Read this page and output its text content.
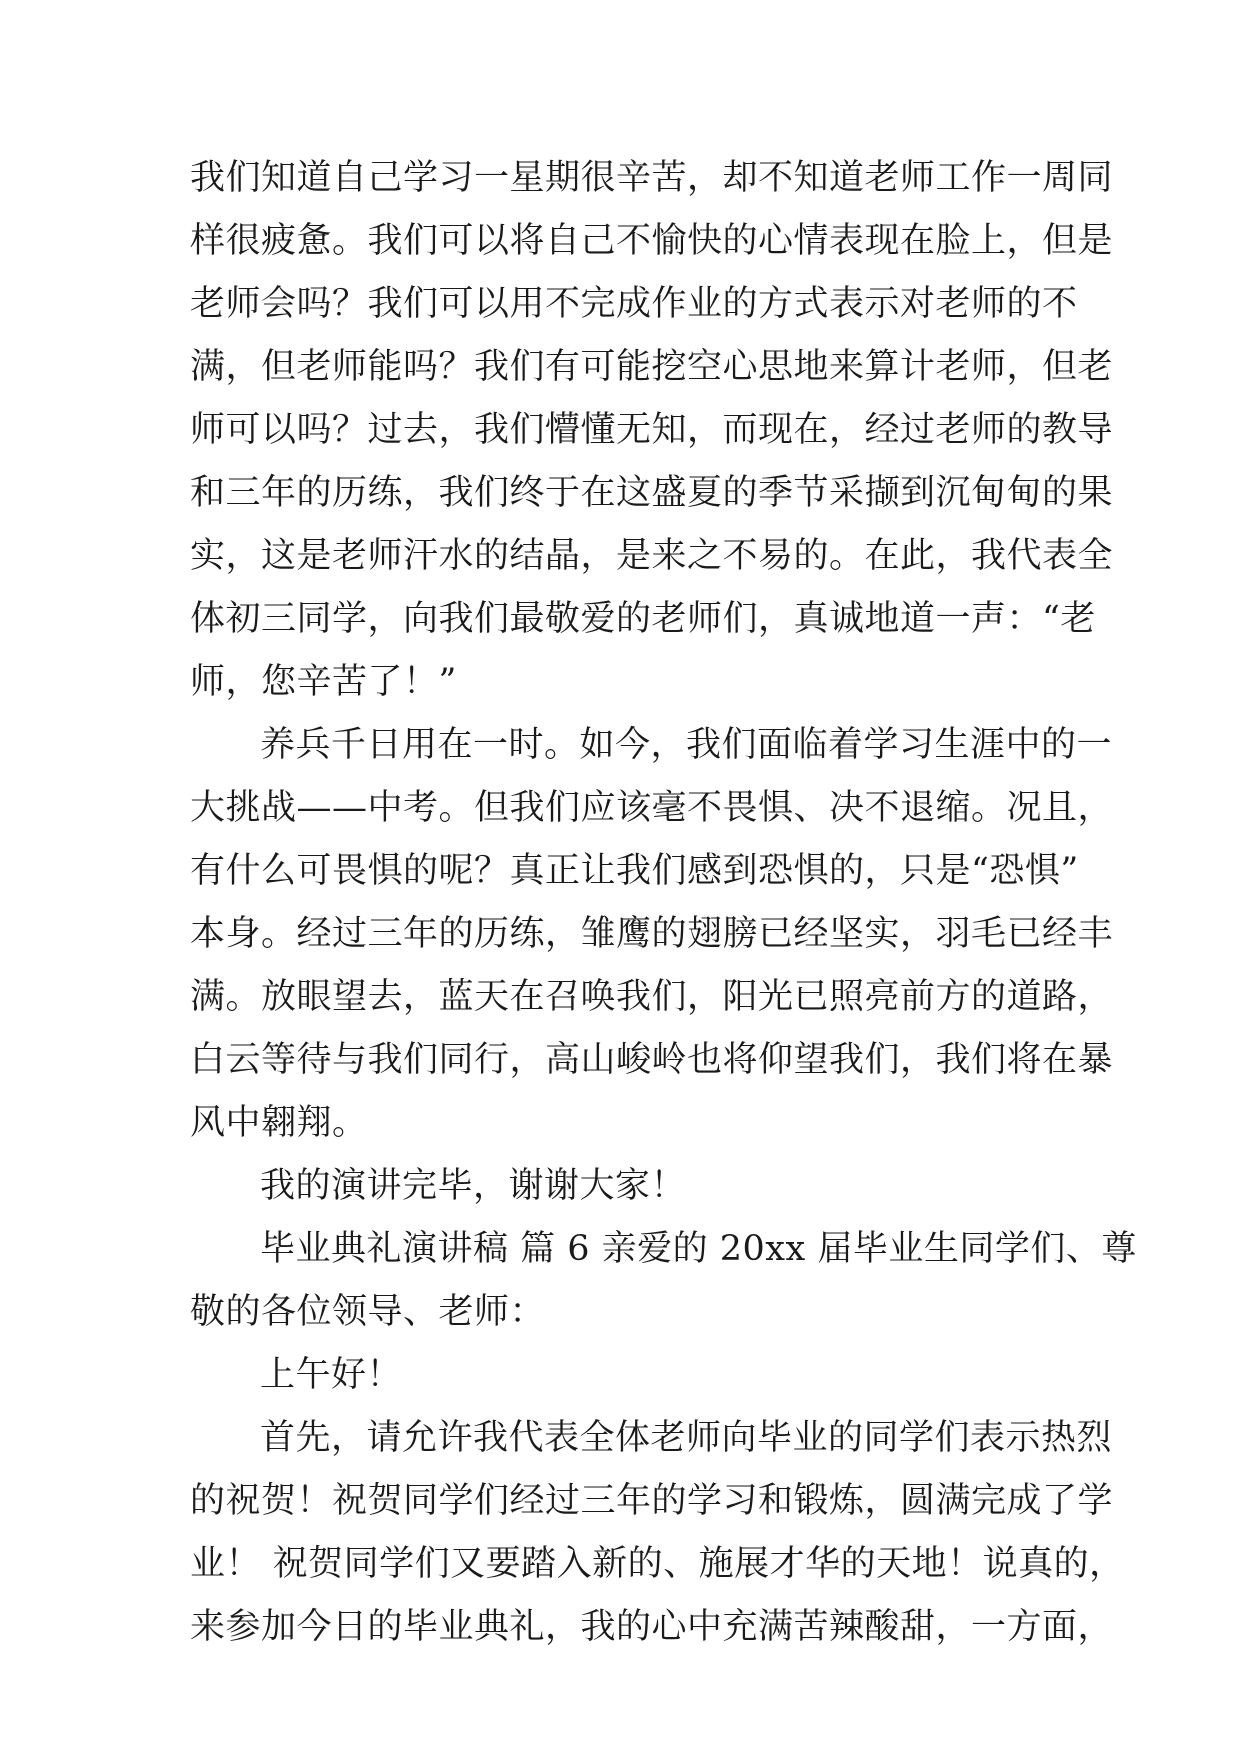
我们知道自己学习一星期很辛苦，却不知道老师工作一周同
样很疲惫。我们可以将自己不愉快的心情表现在脸上，但是
老师会吗？我们可以用不完成作业的方式表示对老师的不
满，但老师能吗？我们有可能挖空心思地来算计老师，但老
师可以吗？过去，我们懵懂无知，而现在，经过老师的教导
和三年的历练，我们终于在这盛夏的季节采撷到沉甸甸的果
实，这是老师汗水的结晶，是来之不易的。在此，我代表全
体初三同学，向我们最敬爱的老师们，真诚地道一声：“老
师，您辛苦了！”
养兵千日用在一时。如今，我们面临着学习生涯中的一
大挑战——中考。但我们应该毫不畏惧、决不退缩。况且，
有什么可畏惧的呢？真正让我们感到恐惧的，只是“恐惧”
本身。经过三年的历练，雏鹰的翅膀已经坚实，羽毛已经丰
满。放眼望去，蓝天在召唤我们，阳光已照亮前方的道路，
白云等待与我们同行，高山峻岭也将仰望我们，我们将在暴
风中翱翔。
我的演讲完毕，谢谢大家！
毕业典礼演讲稿 篇 6 亲爱的 20xx 届毕业生同学们、尊
敬的各位领导、老师：
上午好！
首先，请允许我代表全体老师向毕业的同学们表示热烈
的祝贺！祝贺同学们经过三年的学习和锻炼，圆满完成了学
业！ 祝贺同学们又要踏入新的、施展才华的天地！说真的，
来参加今日的毕业典礼，我的心中充满苦辣酸甜，一方面，
